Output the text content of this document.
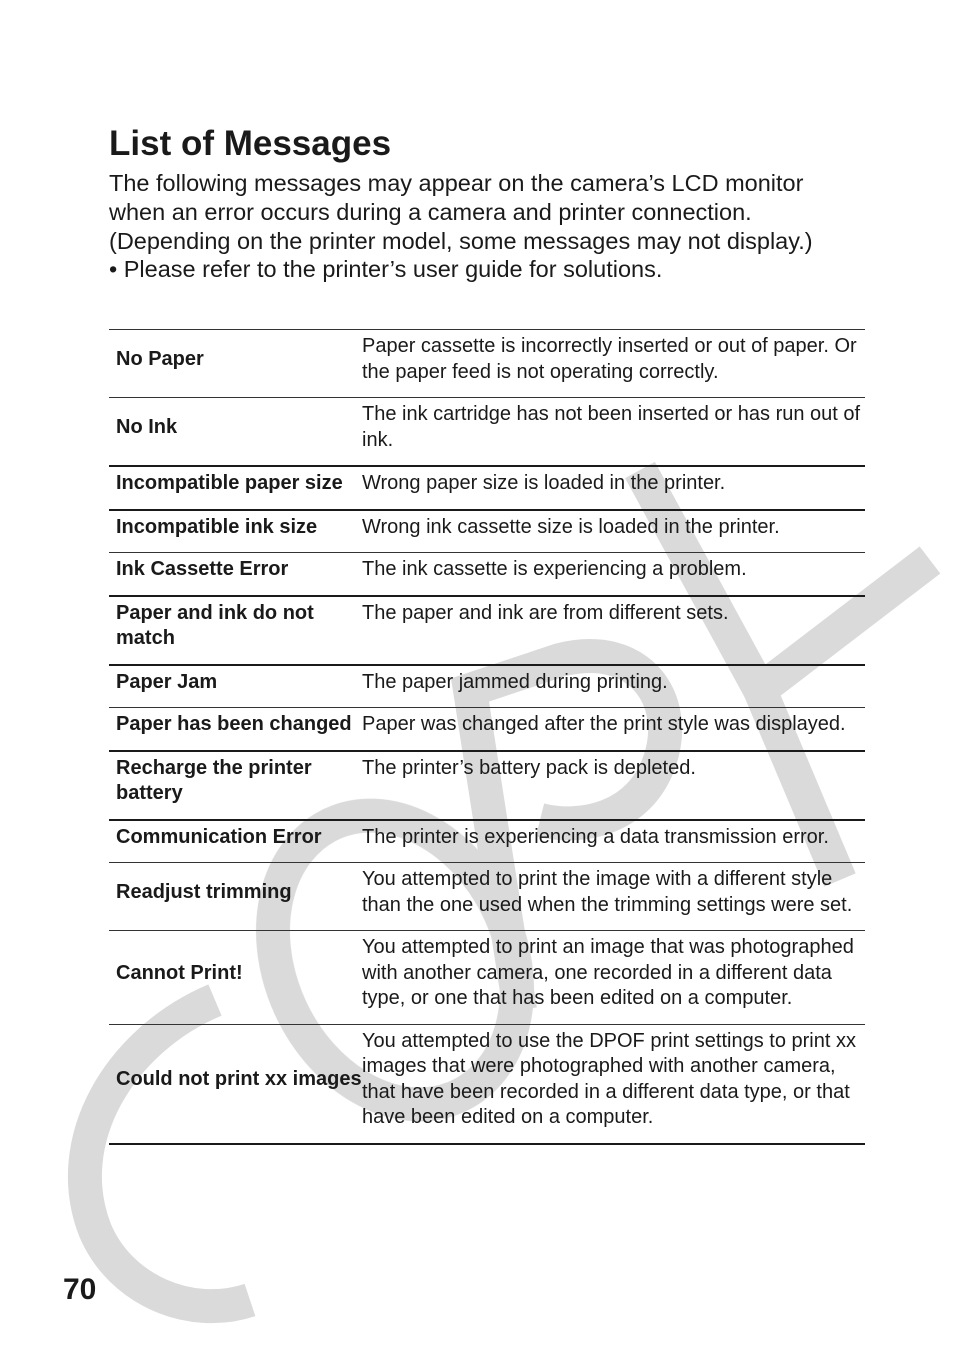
List of Messages

The following messages may appear on the camera’s LCD monitor when an error occurs during a camera and printer connection. (Depending on the printer model, some messages may not display.)

• Please refer to the printer’s user guide for solutions.

No Paper	Paper cassette is incorrectly inserted or out of paper. Or the paper feed is not operating correctly.
No Ink	The ink cartridge has not been inserted or has run out of ink.
Incompatible paper size	Wrong paper size is loaded in the printer.
Incompatible ink size	Wrong ink cassette size is loaded in the printer.
Ink Cassette Error	The ink cassette is experiencing a problem.
Paper and ink do not match	The paper and ink are from different sets.
Paper Jam	The paper jammed during printing.
Paper has been changed	Paper was changed after the print style was displayed.
Recharge the printer battery	The printer’s battery pack is depleted.
Communication Error	The printer is experiencing a data transmission error.
Readjust trimming	You attempted to print the image with a different style than the one used when the trimming settings were set.
Cannot Print!	You attempted to print an image that was photographed with another camera, one recorded in a different data type, or one that has been edited on a computer.
Could not print xx images	You attempted to use the DPOF print settings to print xx images that were photographed with another camera, that have been recorded in a different data type, or that have been edited on a computer.
70
